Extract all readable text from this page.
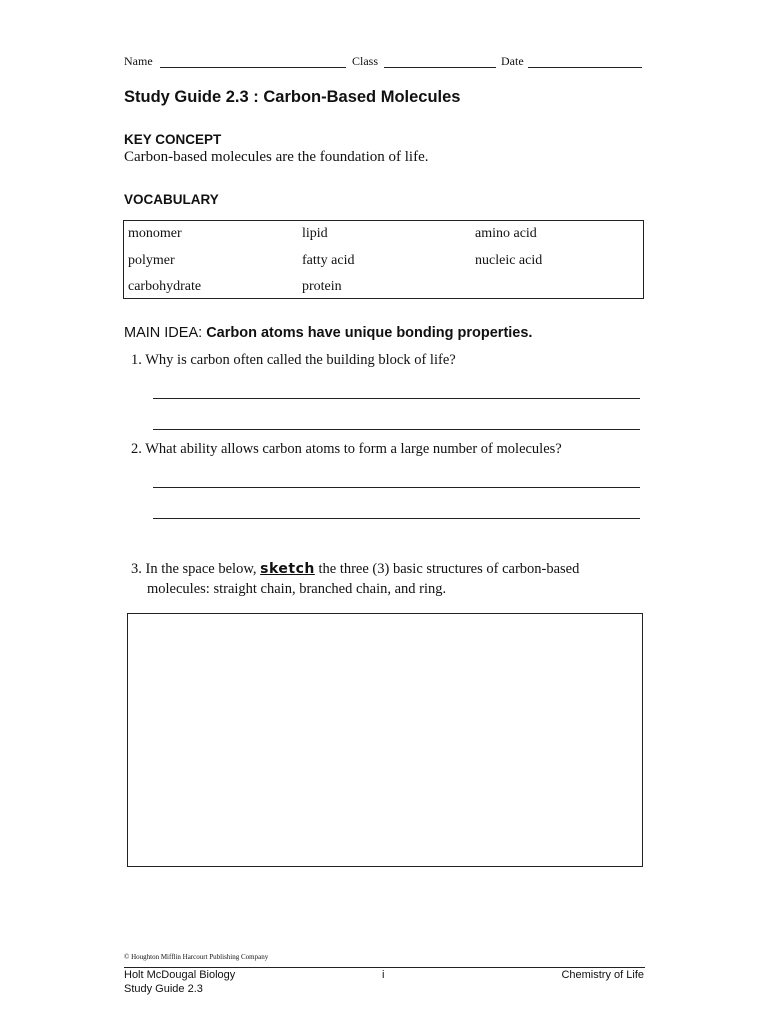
Name	Class	Date
Study Guide 2.3 : Carbon-Based Molecules
KEY CONCEPT
Carbon-based molecules are the foundation of life.
VOCABULARY
monomer	lipid	amino acid
polymer	fatty acid	nucleic acid
carbohydrate	protein
MAIN IDEA: Carbon atoms have unique bonding properties.
1. Why is carbon often called the building block of life?
2. What ability allows carbon atoms to form a large number of molecules?
3. In the space below, sketch the three (3) basic structures of carbon-based
molecules: straight chain, branched chain, and ring.
© Houghton Mifflin Harcourt Publishing Company
Holt McDougal Biology	i	Chemistry of Life
Study Guide 2.3
